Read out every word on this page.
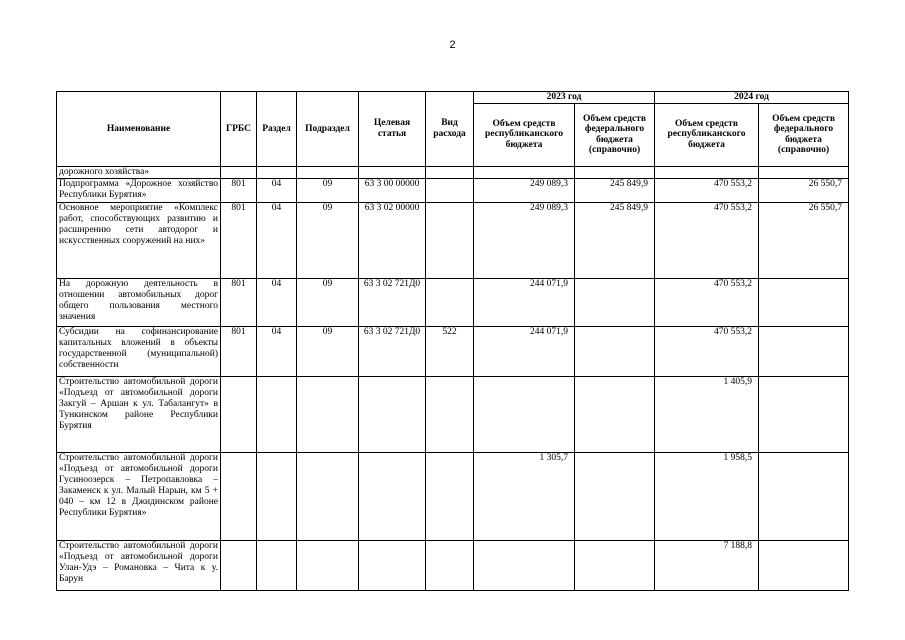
2
Наименование	ГРБС	Раздел	Подраздел	Целевая статья	Вид расхода	2023 год		2024 год	
						Объем средств республиканского бюджета	Объем средств федерального бюджета (справочно)	Объем средств республиканского бюджета	Объем средств федерального бюджета (справочно)
дорожного хозяйства»									
Подпрограмма «Дорожное хозяйство Республики Бурятия»	801	04	09	63 3 00 00000		249 089,3	245 849,9	470 553,2	26 550,7
Основное мероприятие «Комплекс работ, способствующих развитию и расширению сети автодорог и искусственных сооружений на них»	801	04	09	63 3 02 00000		249 089,3	245 849,9	470 553,2	26 550,7
На дорожную деятельность в отношении автомобильных дорог общего пользования местного значения	801	04	09	63 3 02 721Д0		244 071,9		470 553,2	
Субсидии на софинансирование капитальных вложений в объекты государственной (муниципальной) собственности	801	04	09	63 3 02 721Д0	522	244 071,9		470 553,2	
Строительство автомобильной дороги «Подъезд от автомобильной дороги Закгуй – Аршан к ул. Табалангут» в Тункинском районе Республики Бурятия								1 405,9	
Строительство автомобильной дороги «Подъезд от автомобильной дороги Гусиноозерск – Петропавловка – Закаменск к ул. Малый Нарын, км 5 + 040 – км 12 в Джидинском районе Республики Бурятия»						1 305,7		1 958,5	
Строительство автомобильной дороги «Подъезд от автомобильной дороги Улан-Удэ – Романовка – Чита к у. Барун								7 188,8	
